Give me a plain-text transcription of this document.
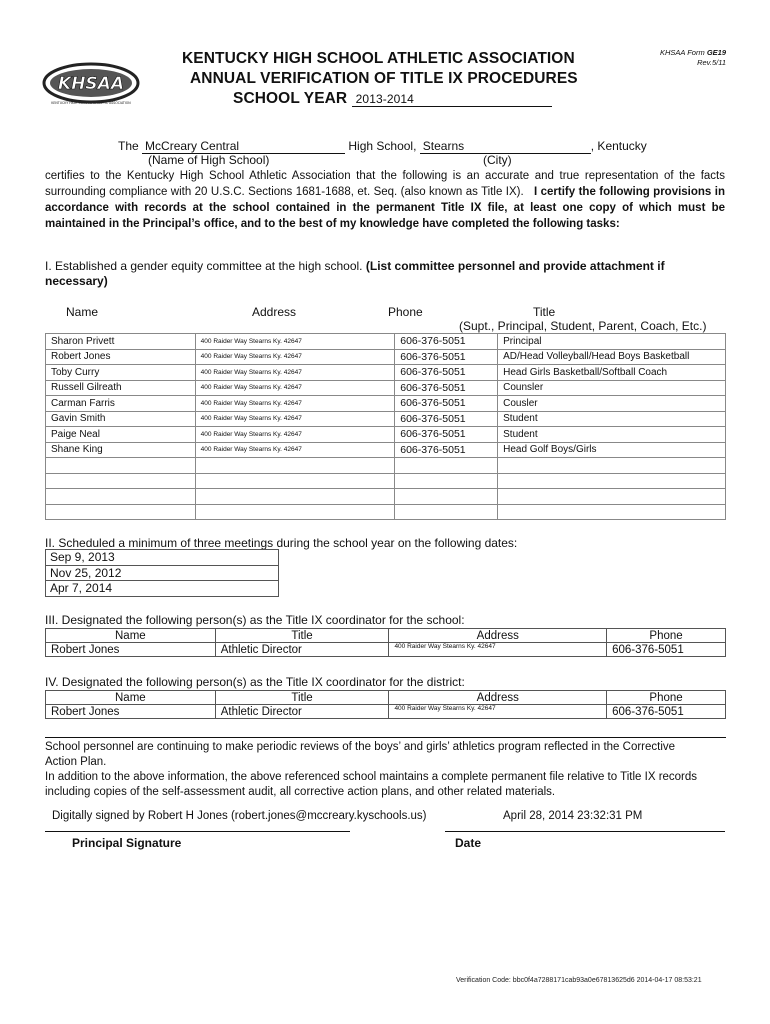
KHSAA
KENTUCKY HIGH SCHOOL ATHLETIC ASSOCIATION
KENTUCKY HIGH SCHOOL ATHLETIC ASSOCIATION
ANNUAL VERIFICATION OF TITLE IX PROCEDURES
SCHOOL YEAR 2013-2014
KHSAA Form GE19
Rev.5/11
The McCreary Central	High School, Stearns	, Kentucky
(Name of High School)	(City)
certifies to the Kentucky High School Athletic Association that the following is an accurate and true representation of the facts surrounding compliance with 20 U.S.C. Sections 1681-1688, et. Seq. (also known as Title IX). I certify the following provisions in accordance with records at the school contained in the permanent Title IX file, at least one copy of which must be maintained in the Principal’s office, and to the best of my knowledge have completed the following tasks:
I. Established a gender equity committee at the high school. (List committee personnel and provide attachment if necessary)
Name	Address	Phone	Title
(Supt., Principal, Student, Parent, Coach, Etc.)
Sharon Privett	400 Raider Way Stearns Ky. 42647	606-376-5051	Principal
Robert Jones	400 Raider Way Stearns Ky. 42647	606-376-5051	AD/Head Volleyball/Head Boys Basketball
Toby Curry	400 Raider Way Stearns Ky. 42647	606-376-5051	Head Girls Basketball/Softball Coach
Russell Gilreath	400 Raider Way Stearns Ky. 42647	606-376-5051	Counsler
Carman Farris	400 Raider Way Stearns Ky. 42647	606-376-5051	Cousler
Gavin Smith	400 Raider Way Stearns Ky. 42647	606-376-5051	Student
Paige Neal	400 Raider Way Stearns Ky. 42647	606-376-5051	Student
Shane King	400 Raider Way Stearns Ky. 42647	606-376-5051	Head Golf Boys/Girls

II. Scheduled a minimum of three meetings during the school year on the following dates:
Sep 9, 2013
Nov 25, 2012
Apr 7, 2014
III. Designated the following person(s) as the Title IX coordinator for the school:
Name	Title	Address	Phone
Robert Jones	Athletic Director	400 Raider Way Stearns Ky. 42647	606-376-5051
IV. Designated the following person(s) as the Title IX coordinator for the district:
Name	Title	Address	Phone
Robert Jones	Athletic Director	400 Raider Way Stearns Ky. 42647	606-376-5051
School personnel are continuing to make periodic reviews of the boys’ and girls’ athletics program reflected in the Corrective Action Plan.
In addition to the above information, the above referenced school maintains a complete permanent file relative to Title IX records including copies of the self-assessment audit, all corrective action plans, and other related materials.
Digitally signed by Robert H Jones (robert.jones@mccreary.kyschools.us)	April 28, 2014 23:32:31 PM
Principal Signature	Date
Verification Code: bbc0f4a7288171cab93a0e67813625d6 2014-04-17 08:53:21
